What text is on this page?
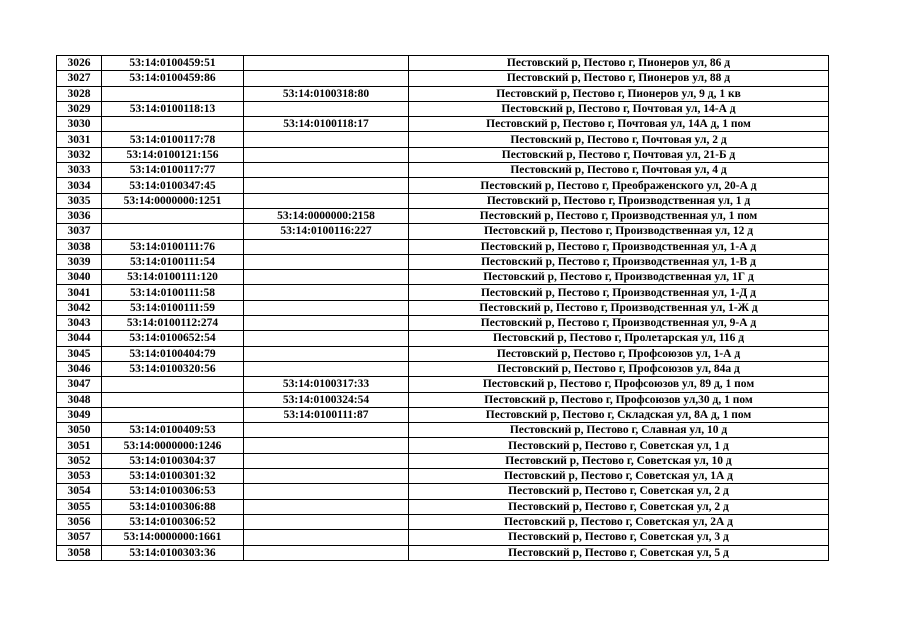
3026	53:14:0100459:51		Пестовский р, Пестово г, Пионеров ул, 86 д
3027	53:14:0100459:86		Пестовский р, Пестово г, Пионеров ул, 88 д
3028		53:14:0100318:80	Пестовский р, Пестово г, Пионеров ул, 9 д, 1 кв
3029	53:14:0100118:13		Пестовский р, Пестово г, Почтовая ул, 14-А д
3030		53:14:0100118:17	Пестовский р, Пестово г, Почтовая ул, 14А д, 1 пом
3031	53:14:0100117:78		Пестовский р, Пестово г, Почтовая ул, 2 д
3032	53:14:0100121:156		Пестовский р, Пестово г, Почтовая ул, 21-Б д
3033	53:14:0100117:77		Пестовский р, Пестово г, Почтовая ул, 4 д
3034	53:14:0100347:45		Пестовский р, Пестово г, Преображенского ул, 20-А д
3035	53:14:0000000:1251		Пестовский р, Пестово г, Производственная ул, 1 д
3036		53:14:0000000:2158	Пестовский р, Пестово г, Производственная ул, 1 пом
3037		53:14:0100116:227	Пестовский р, Пестово г, Производственная ул, 12 д
3038	53:14:0100111:76		Пестовский р, Пестово г, Производственная ул, 1-А д
3039	53:14:0100111:54		Пестовский р, Пестово г, Производственная ул, 1-В д
3040	53:14:0100111:120		Пестовский р, Пестово г, Производственная ул, 1Г д
3041	53:14:0100111:58		Пестовский р, Пестово г, Производственная ул, 1-Д д
3042	53:14:0100111:59		Пестовский р, Пестово г, Производственная ул, 1-Ж д
3043	53:14:0100112:274		Пестовский р, Пестово г, Производственная ул, 9-А д
3044	53:14:0100652:54		Пестовский р, Пестово г, Пролетарская ул, 116 д
3045	53:14:0100404:79		Пестовский р, Пестово г, Профсоюзов ул, 1-А д
3046	53:14:0100320:56		Пестовский р, Пестово г, Профсоюзов ул, 84а д
3047		53:14:0100317:33	Пестовский р, Пестово г, Профсоюзов ул, 89 д, 1 пом
3048		53:14:0100324:54	Пестовский р, Пестово г, Профсоюзов ул,30 д, 1 пом
3049		53:14:0100111:87	Пестовский р, Пестово г, Складская ул, 8А д, 1 пом
3050	53:14:0100409:53		Пестовский р, Пестово г, Славная ул, 10 д
3051	53:14:0000000:1246		Пестовский р, Пестово г, Советская ул, 1 д
3052	53:14:0100304:37		Пестовский р, Пестово г, Советская ул, 10 д
3053	53:14:0100301:32		Пестовский р, Пестово г, Советская ул, 1А д
3054	53:14:0100306:53		Пестовский р, Пестово г, Советская ул, 2 д
3055	53:14:0100306:88		Пестовский р, Пестово г, Советская ул, 2 д
3056	53:14:0100306:52		Пестовский р, Пестово г, Советская ул, 2А д
3057	53:14:0000000:1661		Пестовский р, Пестово г, Советская ул, 3 д
3058	53:14:0100303:36		Пестовский р, Пестово г, Советская ул, 5 д
